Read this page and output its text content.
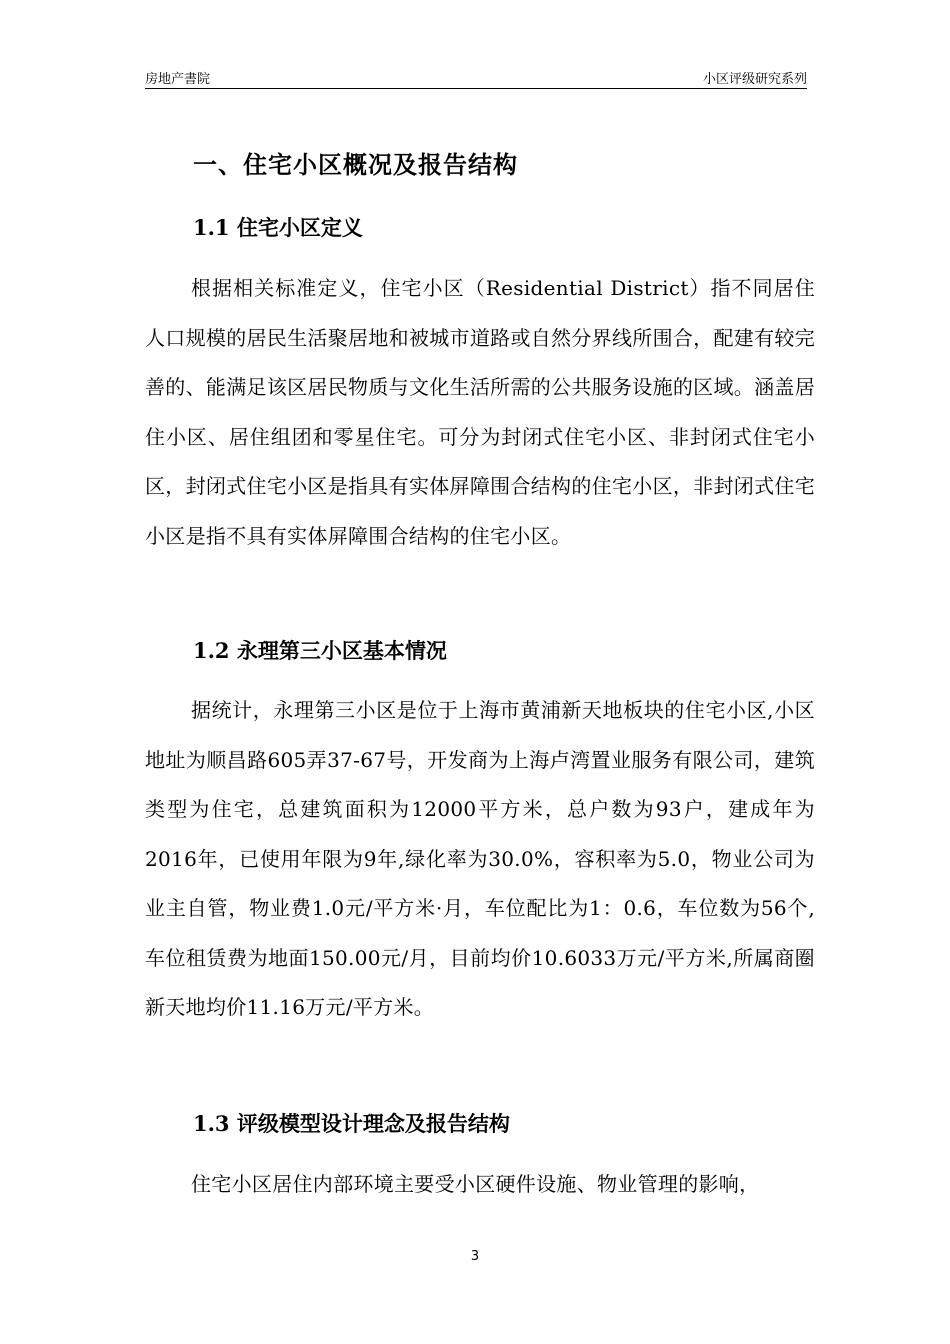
房地产書院	小区评级研究系列
一、住宅小区概况及报告结构
1.1 住宅小区定义
根据相关标准定义，住宅小区（Residential District）指不同居住人口规模的居民生活聚居地和被城市道路或自然分界线所围合，配建有较完善的、能满足该区居民物质与文化生活所需的公共服务设施的区域。涵盖居住小区、居住组团和零星住宅。可分为封闭式住宅小区、非封闭式住宅小区，封闭式住宅小区是指具有实体屏障围合结构的住宅小区，非封闭式住宅小区是指不具有实体屏障围合结构的住宅小区。
1.2 永理第三小区基本情况
据统计，永理第三小区是位于上海市黄浦新天地板块的住宅小区,小区地址为顺昌路605弄37-67号，开发商为上海卢湾置业服务有限公司，建筑类型为住宅，总建筑面积为12000平方米，总户数为93户，建成年为2016年，已使用年限为9年,绿化率为30.0%，容积率为5.0，物业公司为业主自管，物业费1.0元/平方米·月，车位配比为1：0.6，车位数为56个,车位租赁费为地面150.00元/月，目前均价10.6033万元/平方米,所属商圈新天地均价11.16万元/平方米。
1.3 评级模型设计理念及报告结构
住宅小区居住内部环境主要受小区硬件设施、物业管理的影响，
3
